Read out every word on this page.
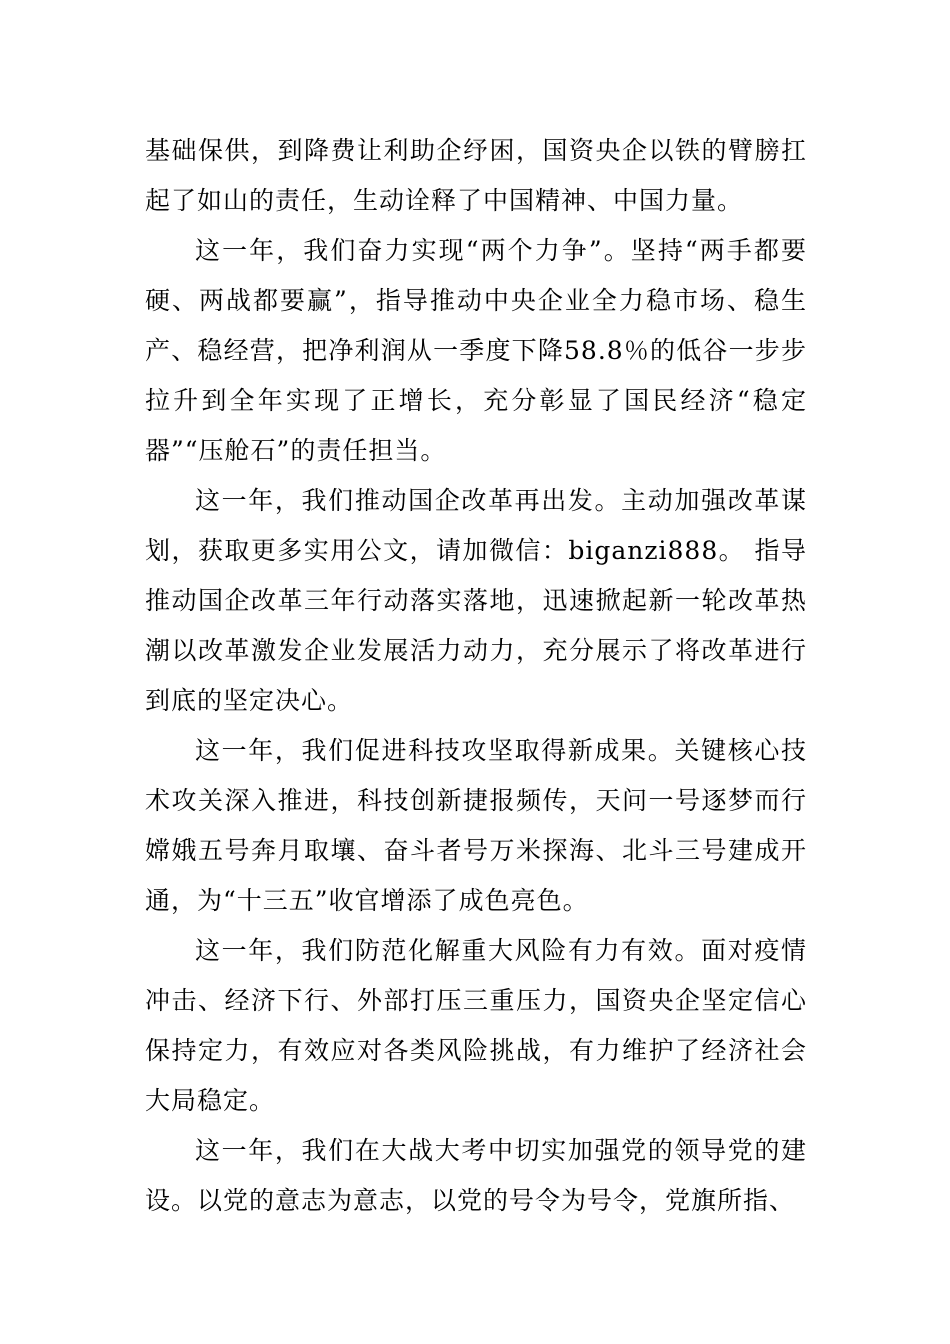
基础保供，到降费让利助企纾困，国资央企以铁的臂膀扛起了如山的责任，生动诠释了中国精神、中国力量。

这一年，我们奋力实现“两个力争”。坚持“两手都要硬、两战都要赢”，指导推动中央企业全力稳市场、稳生产、稳经营，把净利润从一季度下降58.8％的低谷一步步拉升到全年实现了正增长，充分彰显了国民经济“稳定器”“压舱石”的责任担当。

这一年，我们推动国企改革再出发。主动加强改革谋划，获取更多实用公文，请加微信：biganzi888。 指导推动国企改革三年行动落实落地，迅速掀起新一轮改革热潮以改革激发企业发展活力动力，充分展示了将改革进行到底的坚定决心。

这一年，我们促进科技攻坚取得新成果。关键核心技术攻关深入推进，科技创新捷报频传，天问一号逐梦而行嫦娥五号奔月取壤、奋斗者号万米探海、北斗三号建成开通，为“十三五”收官增添了成色亮色。

这一年，我们防范化解重大风险有力有效。面对疫情冲击、经济下行、外部打压三重压力，国资央企坚定信心保持定力，有效应对各类风险挑战，有力维护了经济社会大局稳定。

这一年，我们在大战大考中切实加强党的领导党的建设。以党的意志为意志，以党的号令为号令，党旗所指、
